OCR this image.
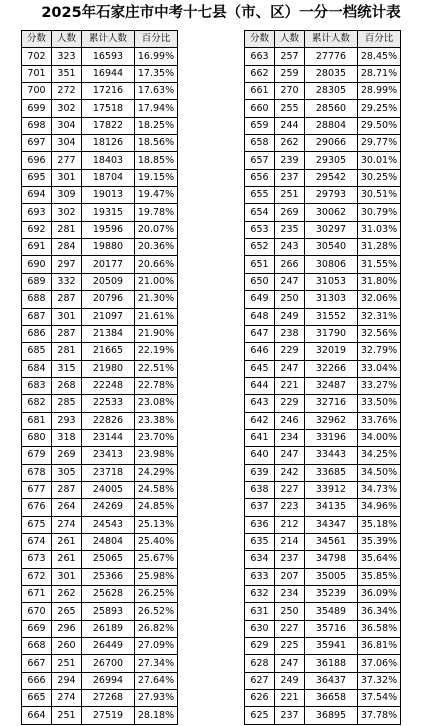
2025年石家庄市中考十七县（市、区）一分一档统计表
分数	人数	累计人数	百分比
702	323	16593	16.99%
701	351	16944	17.35%
700	272	17216	17.63%
699	302	17518	17.94%
698	304	17822	18.25%
697	304	18126	18.56%
696	277	18403	18.85%
695	301	18704	19.15%
694	309	19013	19.47%
693	302	19315	19.78%
692	281	19596	20.07%
691	284	19880	20.36%
690	297	20177	20.66%
689	332	20509	21.00%
688	287	20796	21.30%
687	301	21097	21.61%
686	287	21384	21.90%
685	281	21665	22.19%
684	315	21980	22.51%
683	268	22248	22.78%
682	285	22533	23.08%
681	293	22826	23.38%
680	318	23144	23.70%
679	269	23413	23.98%
678	305	23718	24.29%
677	287	24005	24.58%
676	264	24269	24.85%
675	274	24543	25.13%
674	261	24804	25.40%
673	261	25065	25.67%
672	301	25366	25.98%
671	262	25628	26.25%
670	265	25893	26.52%
669	296	26189	26.82%
668	260	26449	27.09%
667	251	26700	27.34%
666	294	26994	27.64%
665	274	27268	27.93%
664	251	27519	28.18%
分数	人数	累计人数	百分比
663	257	27776	28.45%
662	259	28035	28.71%
661	270	28305	28.99%
660	255	28560	29.25%
659	244	28804	29.50%
658	262	29066	29.77%
657	239	29305	30.01%
656	237	29542	30.25%
655	251	29793	30.51%
654	269	30062	30.79%
653	235	30297	31.03%
652	243	30540	31.28%
651	266	30806	31.55%
650	247	31053	31.80%
649	250	31303	32.06%
648	249	31552	32.31%
647	238	31790	32.56%
646	229	32019	32.79%
645	247	32266	33.04%
644	221	32487	33.27%
643	229	32716	33.50%
642	246	32962	33.76%
641	234	33196	34.00%
640	247	33443	34.25%
639	242	33685	34.50%
638	227	33912	34.73%
637	223	34135	34.96%
636	212	34347	35.18%
635	214	34561	35.39%
634	237	34798	35.64%
633	207	35005	35.85%
632	234	35239	36.09%
631	250	35489	36.34%
630	227	35716	36.58%
629	225	35941	36.81%
628	247	36188	37.06%
627	249	36437	37.32%
626	221	36658	37.54%
625	237	36895	37.78%
